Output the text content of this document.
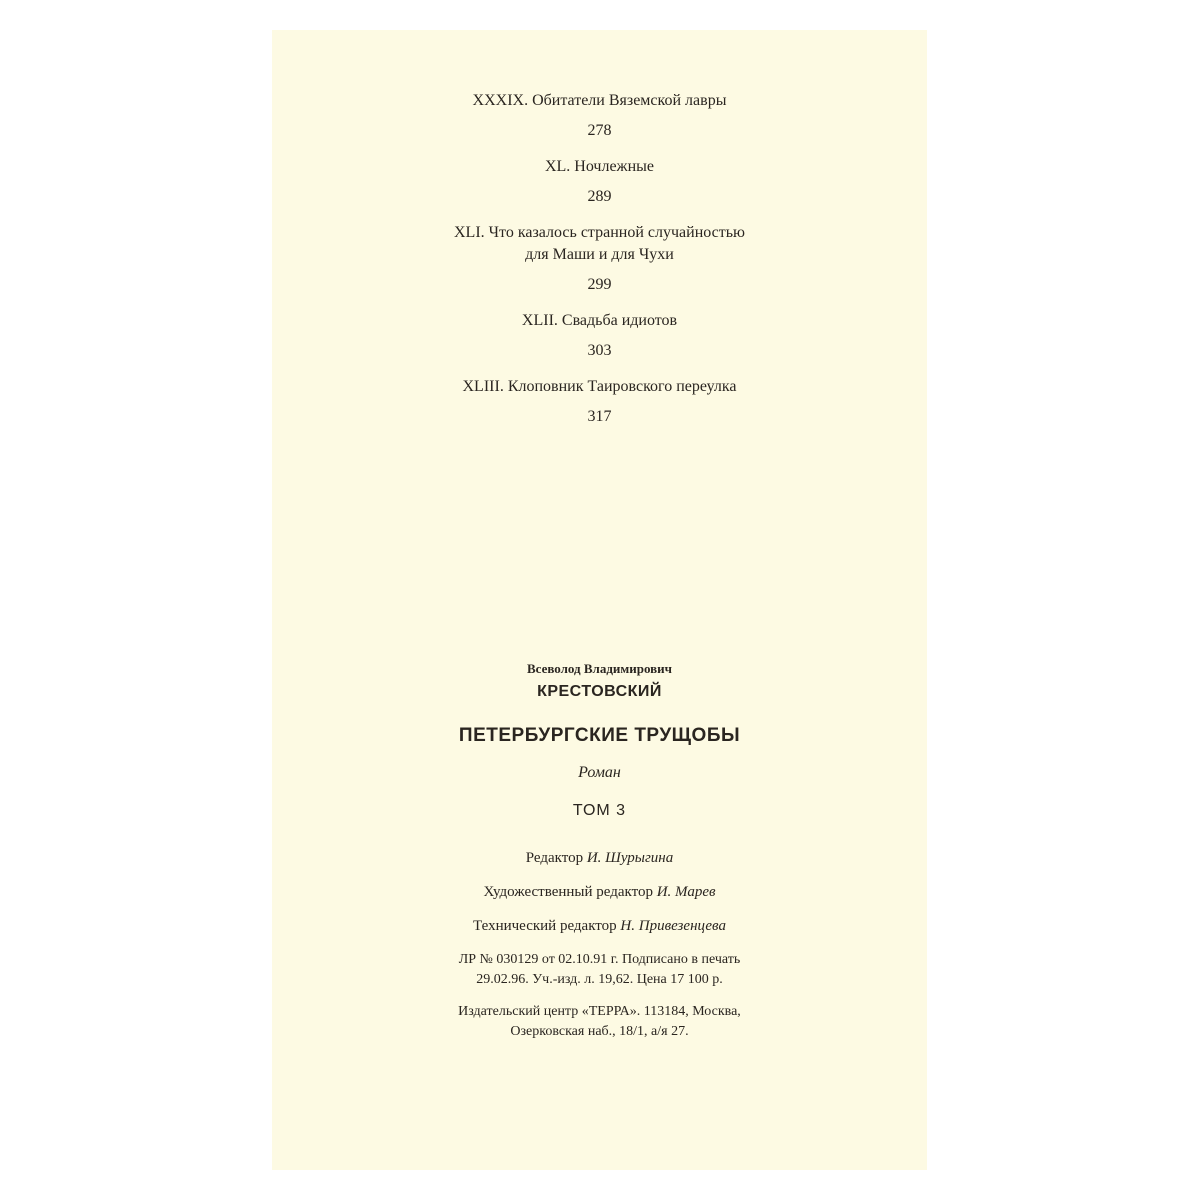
XXXIX. Обитатели Вяземской лавры

278

XL. Ночлежные

289

XLI. Что казалось странной случайностью
для Маши и для Чухи

299

XLII. Свадьба идиотов

303

XLIII. Клоповник Таировского переулка

317

Всеволод Владимирович

КРЕСТОВСКИЙ

ПЕТЕРБУРГСКИЕ ТРУЩОБЫ

Роман

ТОМ 3

Редактор И. Шурыгина

Художественный редактор И. Марев

Технический редактор Н. Привезенцева

ЛР № 030129 от 02.10.91 г. Подписано в печать
29.02.96. Уч.-изд. л. 19,62. Цена 17 100 р.
Издательский центр «ТЕРРА». 113184, Москва,
Озерковская наб., 18/1, а/я 27.
